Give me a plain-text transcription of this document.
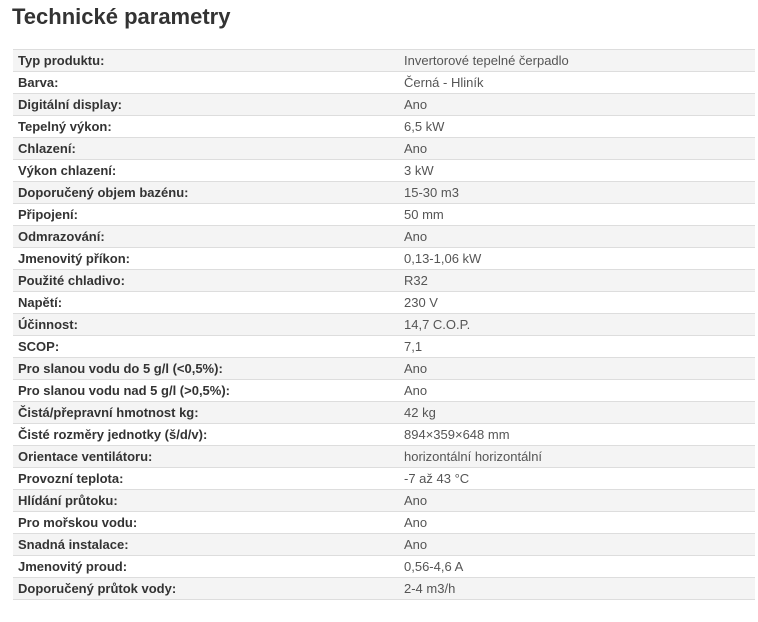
Technické parametry
Typ produktu:	Invertorové tepelné čerpadlo
Barva:	Černá - Hliník
Digitální display:	Ano
Tepelný výkon:	6,5 kW
Chlazení:	Ano
Výkon chlazení:	3 kW
Doporučený objem bazénu:	15-30 m3
Připojení:	50 mm
Odmrazování:	Ano
Jmenovitý příkon:	0,13-1,06 kW
Použité chladivo:	R32
Napětí:	230 V
Účinnost:	14,7 C.O.P.
SCOP:	7,1
Pro slanou vodu do 5 g/l (<0,5%):	Ano
Pro slanou vodu nad 5 g/l (>0,5%):	Ano
Čistá/přepravní hmotnost kg:	42 kg
Čisté rozměry jednotky (š/d/v):	894×359×648 mm
Orientace ventilátoru:	horizontální horizontální
Provozní teplota:	-7 až 43 °C
Hlídání průtoku:	Ano
Pro mořskou vodu:	Ano
Snadná instalace:	Ano
Jmenovitý proud:	0,56-4,6 A
Doporučený průtok vody:	2-4 m3/h
